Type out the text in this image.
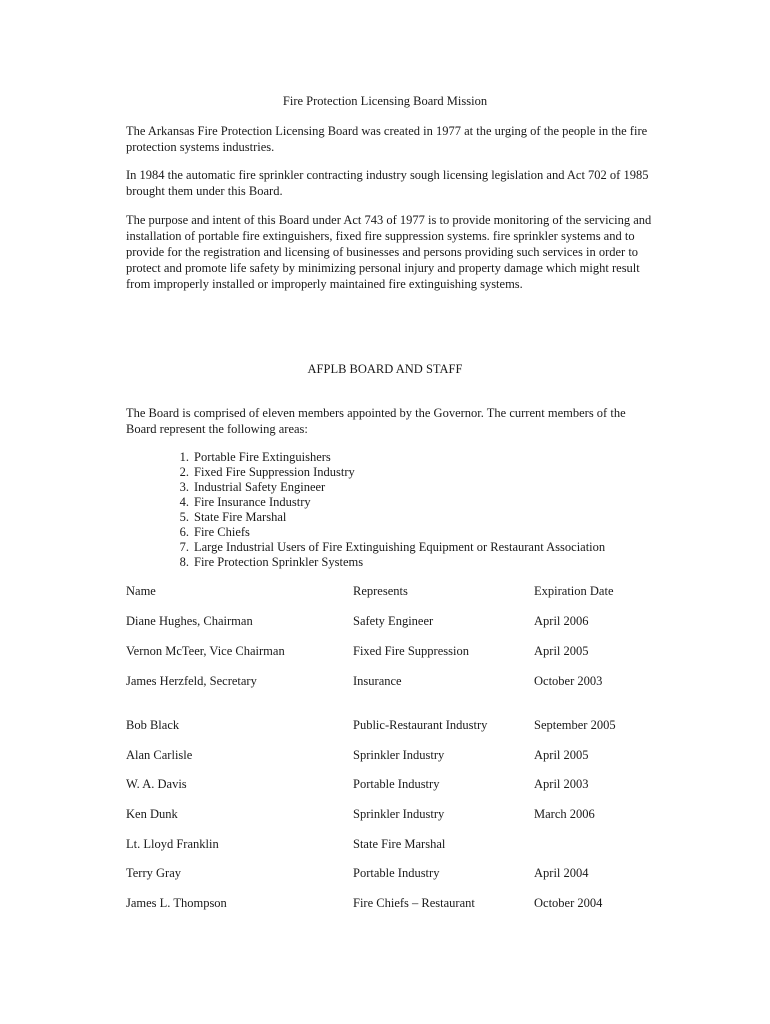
Fire Protection Licensing Board Mission

The Arkansas Fire Protection Licensing Board was created in 1977 at the urging of the people in the fire protection systems industries.

In 1984 the automatic fire sprinkler contracting industry sough licensing legislation and Act 702 of 1985 brought them under this Board.

The purpose and intent of this Board under Act 743 of 1977 is to provide monitoring of the servicing and installation of portable fire extinguishers, fixed fire suppression systems. fire sprinkler systems and to provide for the registration and licensing of businesses and persons providing such services in order to protect and promote life safety by minimizing personal injury and property damage which might result from improperly installed or improperly maintained fire extinguishing systems.

AFPLB BOARD AND STAFF

The Board is comprised of eleven members appointed by the Governor. The current members of the Board represent the following areas:

1. Portable Fire Extinguishers
2. Fixed Fire Suppression Industry
3. Industrial Safety Engineer
4. Fire Insurance Industry
5. State Fire Marshal
6. Fire Chiefs
7. Large Industrial Users of Fire Extinguishing Equipment or Restaurant Association
8. Fire Protection Sprinkler Systems
Name	Represents	Expiration Date
Diane Hughes, Chairman	Safety Engineer	April 2006
Vernon McTeer, Vice Chairman	Fixed Fire Suppression	April 2005
James Herzfeld, Secretary	Insurance	October 2003
Bob Black	Public-Restaurant Industry	September 2005
Alan Carlisle	Sprinkler Industry	April 2005
W. A. Davis	Portable Industry	April 2003
Ken Dunk	Sprinkler Industry	March 2006
Lt. Lloyd Franklin	State Fire Marshal
Terry Gray	Portable Industry	April 2004
James L. Thompson	Fire Chiefs – Restaurant	October 2004
